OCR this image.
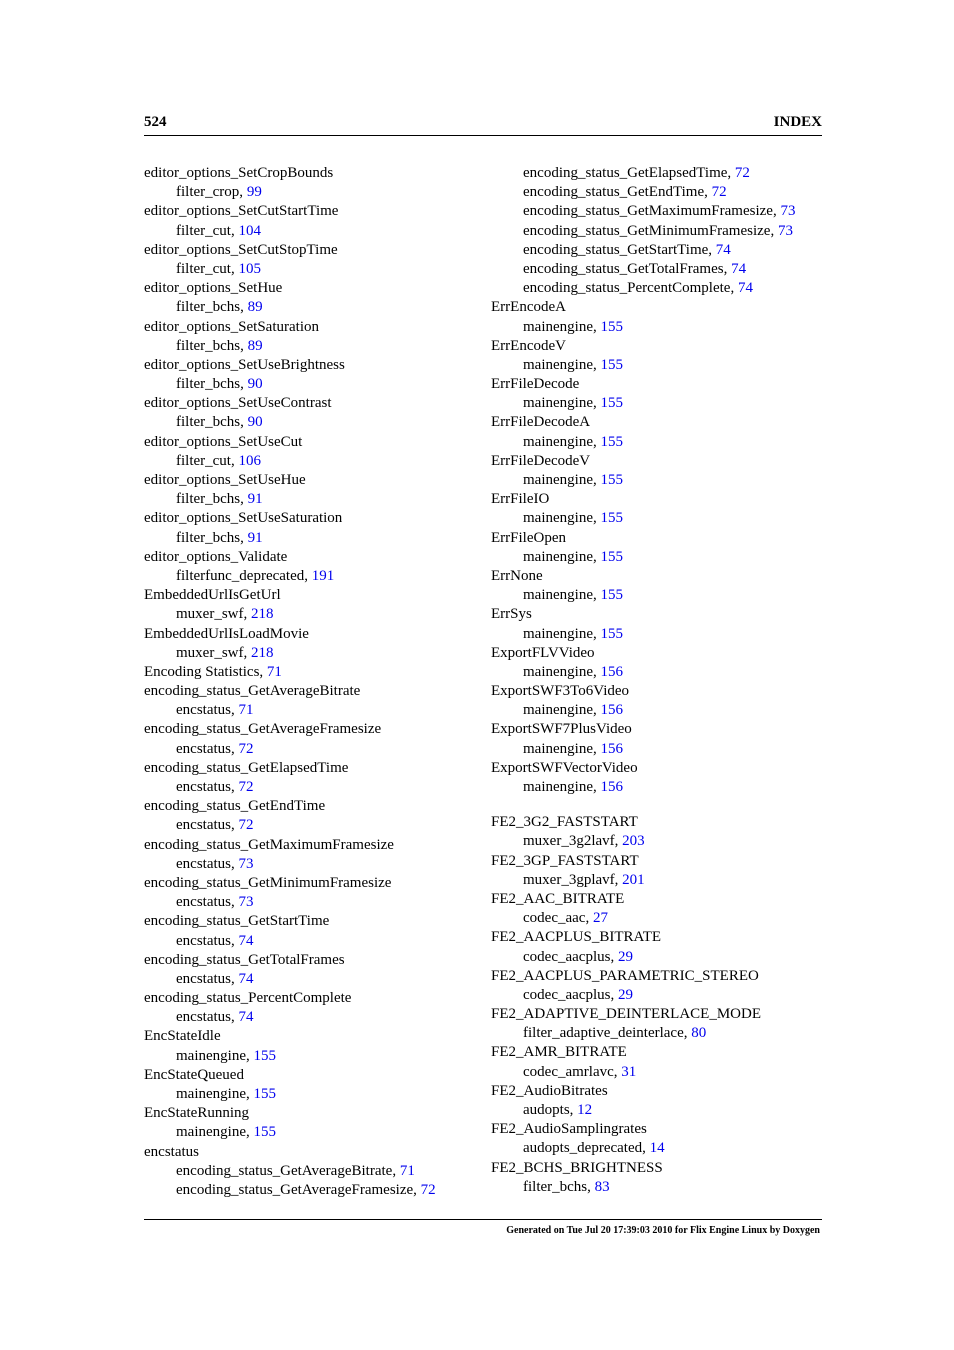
524	INDEX
editor_options_SetCropBounds
filter_crop, 99
editor_options_SetCutStartTime
filter_cut, 104
editor_options_SetCutStopTime
filter_cut, 105
editor_options_SetHue
filter_bchs, 89
editor_options_SetSaturation
filter_bchs, 89
editor_options_SetUseBrightness
filter_bchs, 90
editor_options_SetUseContrast
filter_bchs, 90
editor_options_SetUseCut
filter_cut, 106
editor_options_SetUseHue
filter_bchs, 91
editor_options_SetUseSaturation
filter_bchs, 91
editor_options_Validate
filterfunc_deprecated, 191
EmbeddedUrlIsGetUrl
muxer_swf, 218
EmbeddedUrlIsLoadMovie
muxer_swf, 218
Encoding Statistics, 71
encoding_status_GetAverageBitrate
encstatus, 71
encoding_status_GetAverageFramesize
encstatus, 72
encoding_status_GetElapsedTime
encstatus, 72
encoding_status_GetEndTime
encstatus, 72
encoding_status_GetMaximumFramesize
encstatus, 73
encoding_status_GetMinimumFramesize
encstatus, 73
encoding_status_GetStartTime
encstatus, 74
encoding_status_GetTotalFrames
encstatus, 74
encoding_status_PercentComplete
encstatus, 74
EncStateIdle
mainengine, 155
EncStateQueued
mainengine, 155
EncStateRunning
mainengine, 155
encstatus
encoding_status_GetAverageBitrate, 71
encoding_status_GetAverageFramesize, 72
encoding_status_GetElapsedTime, 72
encoding_status_GetEndTime, 72
encoding_status_GetMaximumFramesize, 73
encoding_status_GetMinimumFramesize, 73
encoding_status_GetStartTime, 74
encoding_status_GetTotalFrames, 74
encoding_status_PercentComplete, 74
ErrEncodeA
mainengine, 155
ErrEncodeV
mainengine, 155
ErrFileDecode
mainengine, 155
ErrFileDecodeA
mainengine, 155
ErrFileDecodeV
mainengine, 155
ErrFileIO
mainengine, 155
ErrFileOpen
mainengine, 155
ErrNone
mainengine, 155
ErrSys
mainengine, 155
ExportFLVVideo
mainengine, 156
ExportSWF3To6Video
mainengine, 156
ExportSWF7PlusVideo
mainengine, 156
ExportSWFVectorVideo
mainengine, 156
FE2_3G2_FASTSTART
muxer_3g2lavf, 203
FE2_3GP_FASTSTART
muxer_3gplavf, 201
FE2_AAC_BITRATE
codec_aac, 27
FE2_AACPLUS_BITRATE
codec_aacplus, 29
FE2_AACPLUS_PARAMETRIC_STEREO
codec_aacplus, 29
FE2_ADAPTIVE_DEINTERLACE_MODE
filter_adaptive_deinterlace, 80
FE2_AMR_BITRATE
codec_amrlavc, 31
FE2_AudioBitrates
audopts, 12
FE2_AudioSamplingrates
audopts_deprecated, 14
FE2_BCHS_BRIGHTNESS
filter_bchs, 83
Generated on Tue Jul 20 17:39:03 2010 for Flix Engine Linux by Doxygen
